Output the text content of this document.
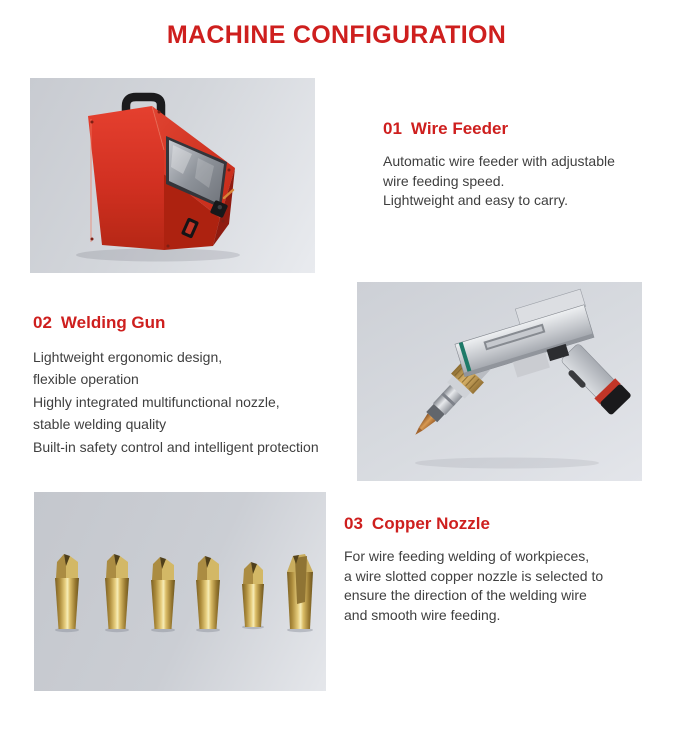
MACHINE CONFIGURATION
01 Wire Feeder
Automatic wire feeder with adjustable
wire feeding speed.
Lightweight and easy to carry.
02 Welding Gun
Lightweight ergonomic design,
flexible operation
Highly integrated multifunctional nozzle,
stable welding quality
Built-in safety control and intelligent protection
03 Copper Nozzle
For wire feeding welding of workpieces,
a wire slotted copper nozzle is selected to
ensure the direction of the welding wire
and smooth wire feeding.
